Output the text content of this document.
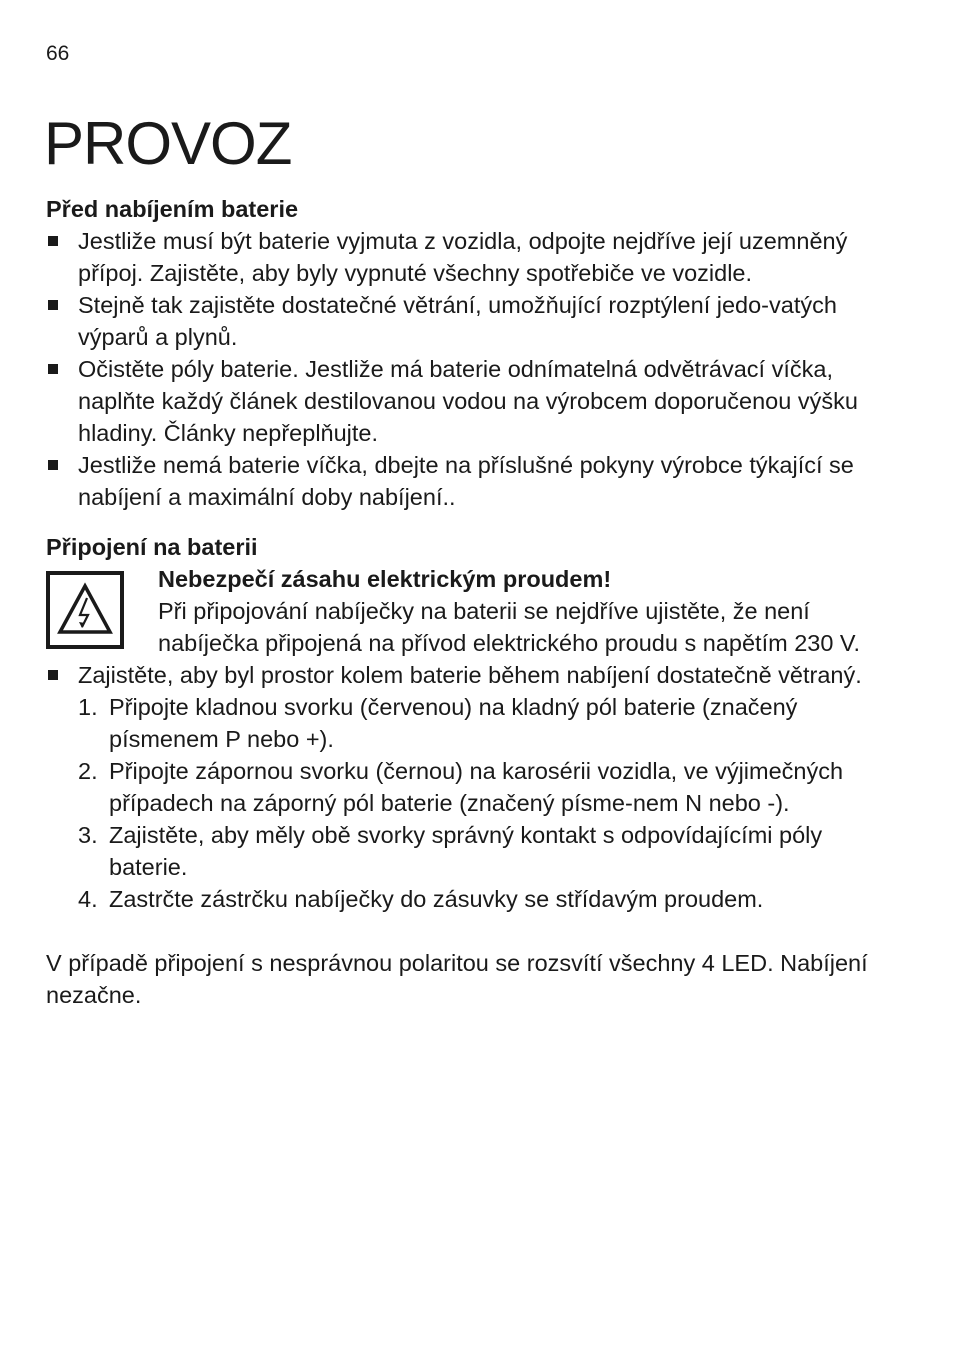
66
PROVOZ
Před nabíjením baterie
Jestliže musí být baterie vyjmuta z vozidla, odpojte nejdříve její uzemněný přípoj. Zajistěte, aby byly vypnuté všechny spotřebiče ve vozidle.
Stejně tak zajistěte dostatečné větrání, umožňující rozptýlení jedo-vatých výparů a plynů.
Očistěte póly baterie. Jestliže má baterie odnímatelná odvětrávací víčka, naplňte každý článek destilovanou vodou na výrobcem doporučenou výšku hladiny. Články nepřeplňujte.
Jestliže nemá baterie víčka, dbejte na příslušné pokyny výrobce týkající se nabíjení a maximální doby nabíjení..
Připojení na baterii
Nebezpečí zásahu elektrickým proudem!
Při připojování nabíječky na baterii se nejdříve ujistěte, že není nabíječka připojená na přívod elektrického proudu s napětím 230 V.
Zajistěte, aby byl prostor kolem baterie během nabíjení dostatečně větraný.
1. Připojte kladnou svorku (červenou) na kladný pól baterie (značený písmenem P nebo +).
2. Připojte zápornou svorku (černou) na karosérii vozidla, ve výjimečných případech na záporný pól baterie (značený písme-nem N nebo -).
3. Zajistěte, aby měly obě svorky správný kontakt s odpovídajícími póly baterie.
4. Zastrčte zástrčku nabíječky do zásuvky se střídavým proudem.

V případě připojení s nesprávnou polaritou se rozsvítí všechny 4 LED. Nabíjení nezačne.
